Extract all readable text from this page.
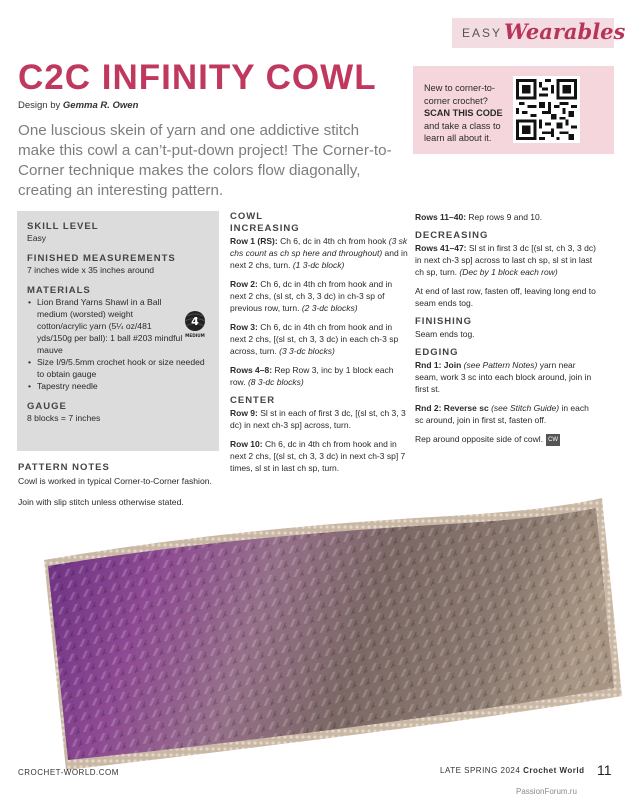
EASY Wearables
C2C INFINITY COWL
Design by Gemma R. Owen

One luscious skein of yarn and one addictive stitch make this cowl a can’t-put-down project! The Corner-to-Corner technique makes the colors flow diagonally, creating an interesting pattern.

New to corner-to-corner crochet? SCAN THIS CODE and take a class to learn all about it.
SKILL LEVEL
Easy
FINISHED MEASUREMENTS
7 inches wide x 35 inches around
MATERIALS
• Lion Brand Yarns Shawl in a Ball medium (worsted) weight cotton/acrylic yarn (5¼ oz/481 yds/150g per ball): 1 ball #203 mindful mauve
• Size I/9/5.5mm crochet hook or size needed to obtain gauge
• Tapestry needle
GAUGE
8 blocks = 7 inches
4
MEDIUM
PATTERN NOTES

Cowl is worked in typical Corner-to-Corner fashion.

Join with slip stitch unless otherwise stated.

COWL
INCREASING

Row 1 (RS): Ch 6, dc in 4th ch from hook (3 sk chs count as ch sp here and throughout) and in next 2 chs, turn. (1 3-dc block)

Row 2: Ch 6, dc in 4th ch from hook and in next 2 chs, (sl st, ch 3, 3 dc) in ch-3 sp of previous row, turn. (2 3-dc blocks)

Row 3: Ch 6, dc in 4th ch from hook and in next 2 chs, [(sl st, ch 3, 3 dc) in each ch-3 sp across, turn. (3 3-dc blocks)

Rows 4–8: Rep Row 3, inc by 1 block each row. (8 3-dc blocks)

CENTER

Row 9: Sl st in each of first 3 dc, [(sl st, ch 3, 3 dc) in next ch-3 sp] across, turn.

Row 10: Ch 6, dc in 4th ch from hook and in next 2 chs, [(sl st, ch 3, 3 dc) in next ch-3 sp] 7 times, sl st in last ch sp, turn.

Rows 11–40: Rep rows 9 and 10.

DECREASING

Rows 41–47: Sl st in first 3 dc [(sl st, ch 3, 3 dc) in next ch-3 sp] across to last ch sp, sl st in last ch sp, turn. (Dec by 1 block each row)

At end of last row, fasten off, leaving long end to seam ends tog.

FINISHING

Seam ends tog.

EDGING

Rnd 1: Join (see Pattern Notes) yarn near seam, work 3 sc into each block around, join in first st.

Rnd 2: Reverse sc (see Stitch Guide) in each sc around, join in first st, fasten off.

Rep around opposite side of cowl. CW

CROCHET-WORLD.COM	LATE SPRING 2024 Crochet World 11
PassionForum.ru
